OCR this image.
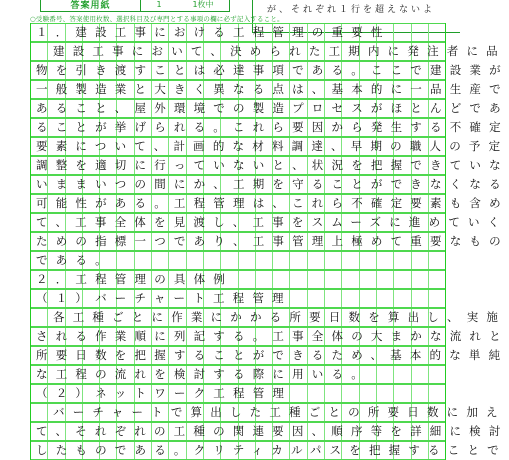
答案用紙	1	1枚中
が、それぞれ１行を超えないよ
○受験番号、答案使用枚数、選択科目及び専門とする事項の欄に必ず記入すること。
１．建設工事における工程管理の重要性
建設工事において、決められた工期内に発注者に品
物を引き渡すことは必達事項である。ここで建設業が
一般製造業と大きく異なる点は、基本的に一品生産で
あること、屋外環境での製造プロセスがほとんどであ
ることが挙げられる。これら要因から発生する不確定
要素について、計画的な材料調達、早期の職人の予定
調整を適切に行っていないと、状況を把握できていな
いままいつの間にか、工期を守ることができなくなる
可能性がある。工程管理は、これら不確定要素も含め
て、工事全体を見渡し、工事をスムーズに進めていく
ための指標一つであり、工事管理上極めて重要なもの
である。
２．工程管理の具体例
（１）バーチャート工程管理
各工種ごとに作業にかかる所要日数を算出し、実施
される作業順に列記する。工事全体の大まかな流れと
所要日数を把握することができるため、基本的な単純
な工程の流れを検討する際に用いる。
（２）ネットワーク工程管理
バーチャートで算出した工種ごとの所要日数に加え
て、それぞれの工種の関連要因、順序等を詳細に検討
したものである。クリティカルパスを把握することで
